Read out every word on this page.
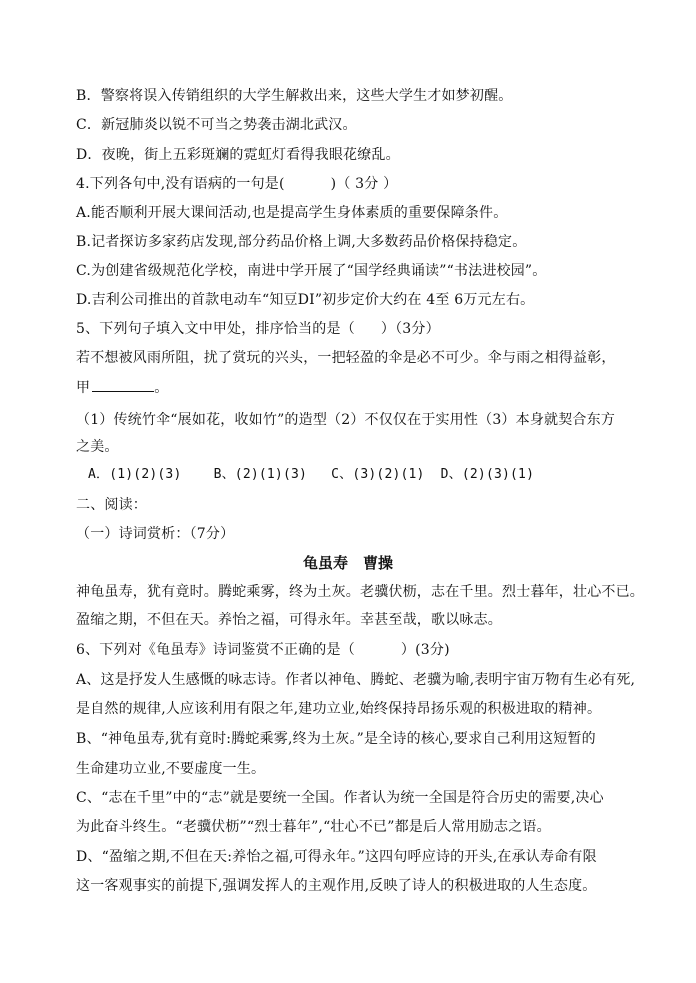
B．警察将误入传销组织的大学生解救出来，这些大学生才如梦初醒。
C．新冠肺炎以锐不可当之势袭击湖北武汉。
D．夜晚，街上五彩斑斓的霓虹灯看得我眼花缭乱。
4.下列各句中,没有语病的一句是(	)（ 3分 ）
A.能否顺利开展大课间活动,也是提高学生身体素质的重要保障条件。
B.记者探访多家药店发现,部分药品价格上调,大多数药品价格保持稳定。
C.为创建省级规范化学校，南进中学开展了“国学经典诵读”“书法进校园”。
D.吉利公司推出的首款电动车“知豆DI”初步定价大约在 4至 6万元左右。
5、下列句子填入文中甲处，排序恰当的是（ ）（3分）
若不想被风雨所阻，扰了赏玩的兴头，一把轻盈的伞是必不可少。伞与雨之相得益彰，
甲	。
（1）传统竹伞“展如花，收如竹”的造型（2）不仅仅在于实用性（3）本身就契合东方
之美。
A．(1)(2)(3)    B、(2)(1)(3)   C、(3)(2)(1)  D、(2)(3)(1)
二、阅读：
（一）诗词赏析：（7分）
龟虽寿　曹操
神龟虽寿，犹有竟时。腾蛇乘雾，终为土灰。老骥伏枥，志在千里。烈士暮年，壮心不已。
盈缩之期，不但在天。养怡之福，可得永年。幸甚至哉，歌以咏志。
6、下列对《龟虽寿》诗词鉴赏不正确的是（	）(3分)
A、这是抒发人生感慨的咏志诗。作者以神龟、腾蛇、老骥为喻,表明宇宙万物有生必有死,
是自然的规律,人应该利用有限之年,建功立业,始终保持昂扬乐观的积极进取的精神。
B、“神龟虽寿,犹有竟时:腾蛇乘雾,终为土灰。”是全诗的核心,要求自己利用这短暂的
生命建功立业,不要虚度一生。
C、“志在千里”中的“志”就是要统一全国。作者认为统一全国是符合历史的需要,决心
为此奋斗终生。“老骥伏枥”“烈士暮年”,“壮心不已”都是后人常用励志之语。
D、“盈缩之期,不但在天:养怡之福,可得永年。”这四句呼应诗的开头,在承认寿命有限
这一客观事实的前提下,强调发挥人的主观作用,反映了诗人的积极进取的人生态度。
